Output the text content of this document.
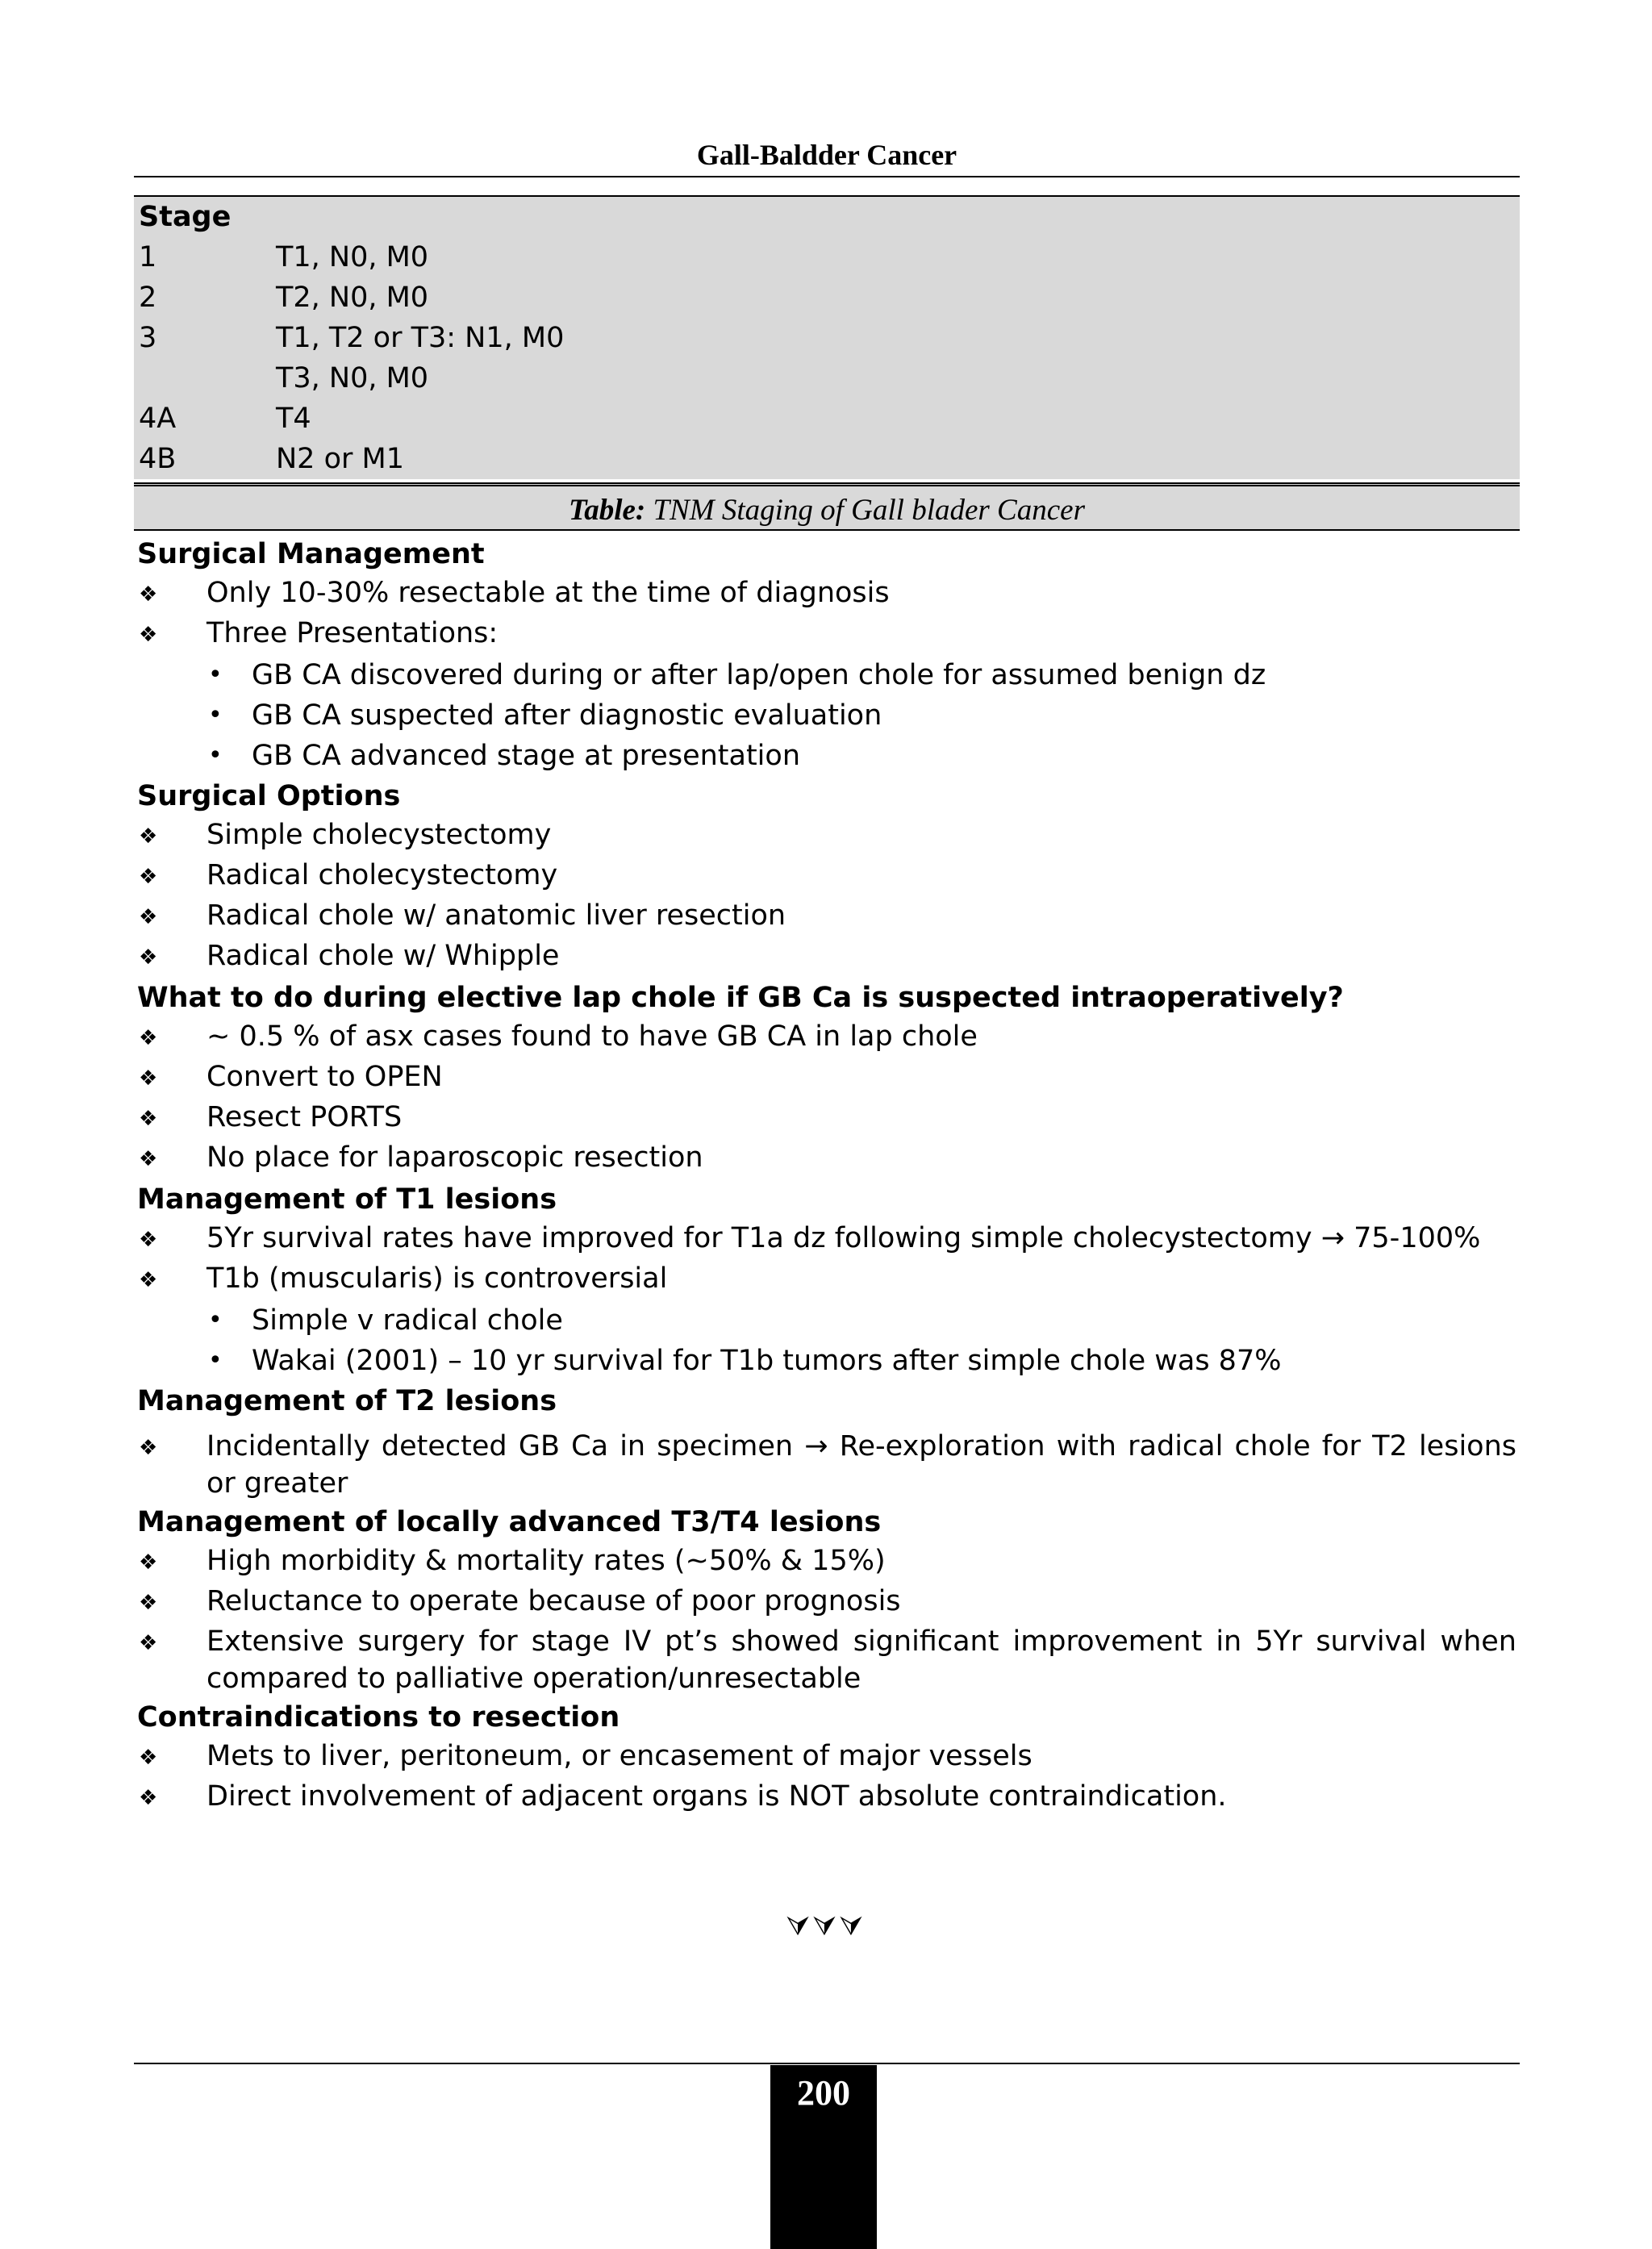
Gall-Baldder Cancer
Stage
1	T1, N0, M0
2	T2, N0, M0
3	T1, T2 or T3: N1, M0
T3, N0, M0
4A	T4
4B	N2 or M1
Table: TNM Staging of Gall blader Cancer
Surgical Management
❖ Only 10-30% resectable at the time of diagnosis
❖ Three Presentations:
• GB CA discovered during or after lap/open chole for assumed benign dz
• GB CA suspected after diagnostic evaluation
• GB CA advanced stage at presentation
Surgical Options
❖ Simple cholecystectomy
❖ Radical cholecystectomy
❖ Radical chole w/ anatomic liver resection
❖ Radical chole w/ Whipple
What to do during elective lap chole if GB Ca is suspected intraoperatively?
❖ ~ 0.5 % of asx cases found to have GB CA in lap chole
❖ Convert to OPEN
❖ Resect PORTS
❖ No place for laparoscopic resection
Management of T1 lesions
❖ 5Yr survival rates have improved for T1a dz following simple cholecystectomy → 75-100%
❖ T1b (muscularis) is controversial
• Simple v radical chole
• Wakai (2001) – 10 yr survival for T1b tumors after simple chole was 87%
Management of T2 lesions
❖ Incidentally detected GB Ca in specimen → Re-exploration with radical chole for T2 lesions or greater
Management of locally advanced T3/T4 lesions
❖ High morbidity & mortality rates (~50% & 15%)
❖ Reluctance to operate because of poor prognosis
❖ Extensive surgery for stage IV pt’s showed significant improvement in 5Yr survival when compared to palliative operation/unresectable
Contraindications to resection
❖ Mets to liver, peritoneum, or encasement of major vessels
❖ Direct involvement of adjacent organs is NOT absolute contraindication.
⮛⮛⮛
200
